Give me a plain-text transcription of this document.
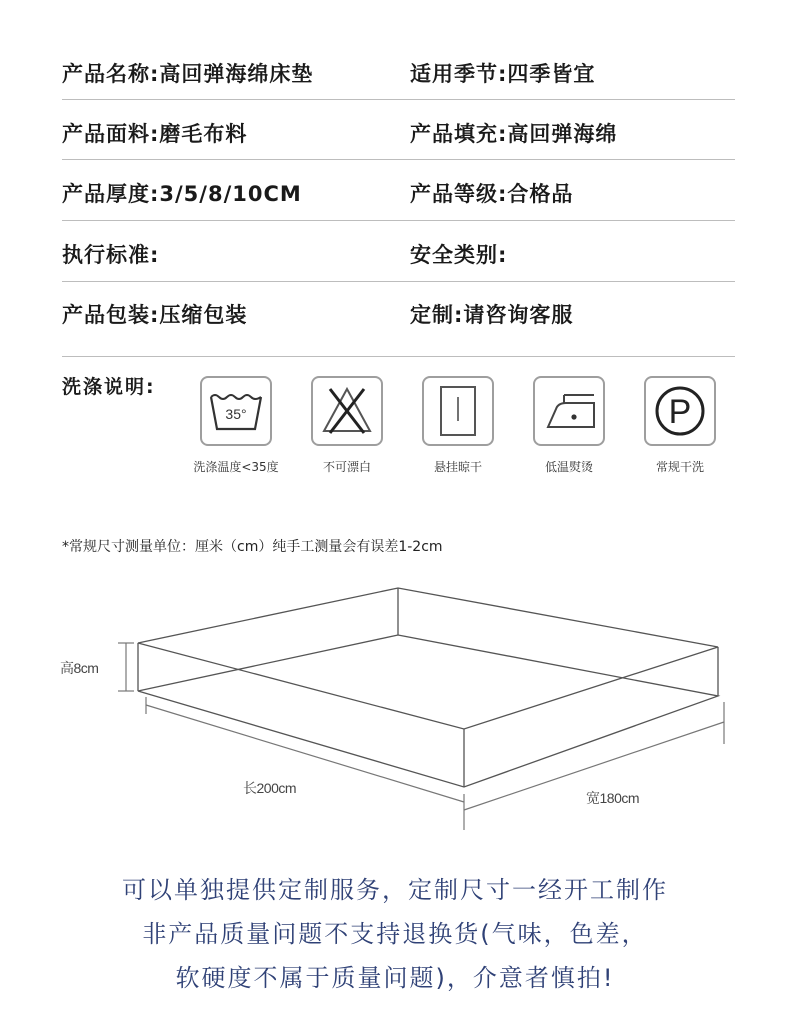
产品名称:高回弹海绵床垫	适用季节:四季皆宜
产品面料:磨毛布料	产品填充:高回弹海绵
产品厚度:3/5/8/10CM	产品等级:合格品
执行标准:	安全类别:
产品包装:压缩包装	定制:请咨询客服
洗涤说明:
35°
洗涤温度<35度	不可漂白	悬挂晾干	低温熨烫
P
常规干洗
*常规尺寸测量单位：厘米（cm）纯手工测量会有误差1-2cm
高8cm
长200cm
宽180cm
可以单独提供定制服务，定制尺寸一经开工制作
非产品质量问题不支持退换货(气味，色差，
软硬度不属于质量问题)，介意者慎拍!
